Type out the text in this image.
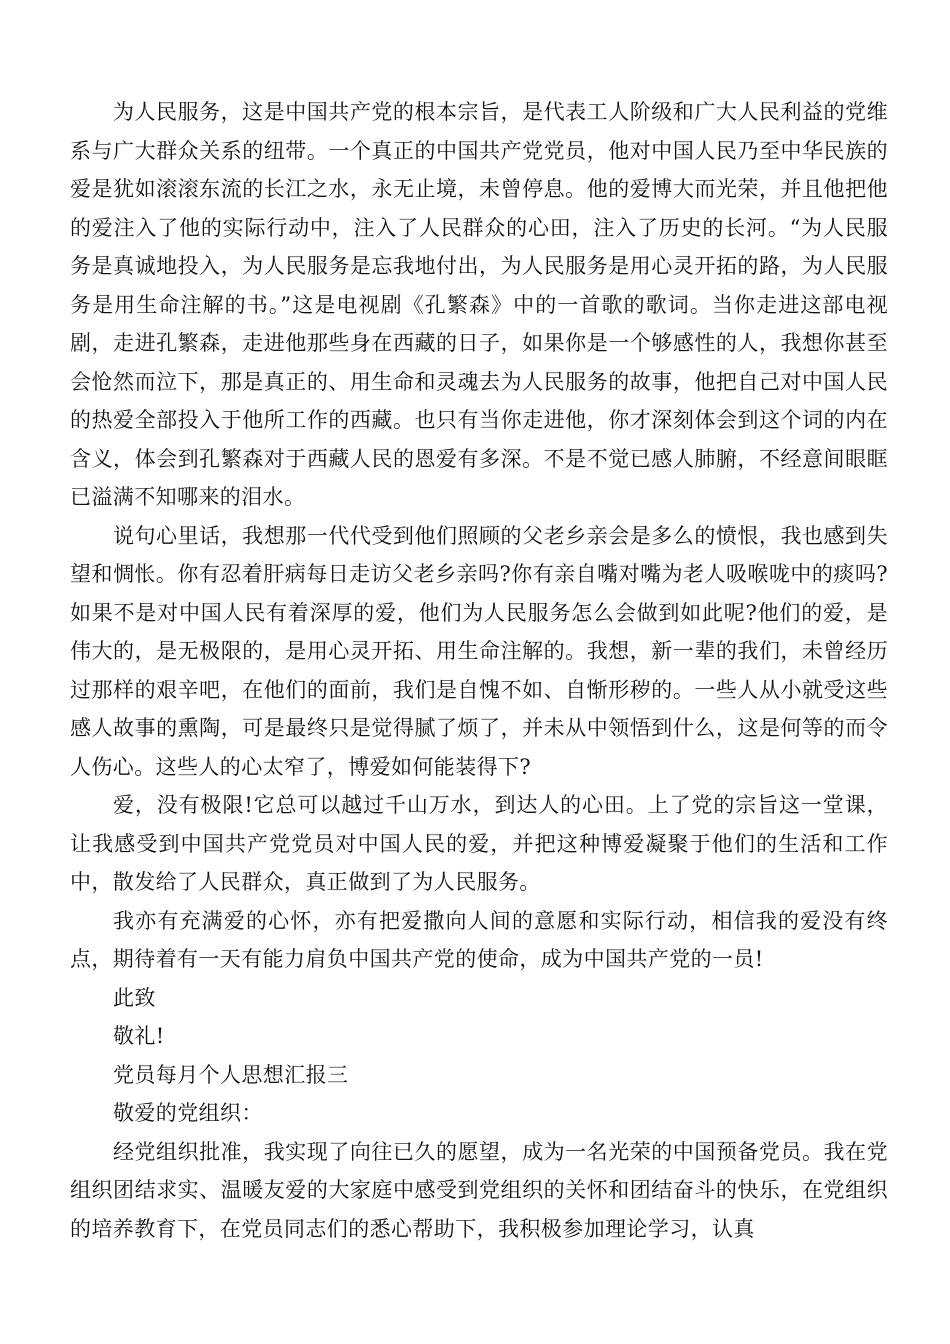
为人民服务，这是中国共产党的根本宗旨，是代表工人阶级和广大人民利益的党维系与广大群众关系的纽带。一个真正的中国共产党党员，他对中国人民乃至中华民族的爱是犹如滚滚东流的长江之水，永无止境，未曾停息。他的爱博大而光荣，并且他把他的爱注入了他的实际行动中，注入了人民群众的心田，注入了历史的长河。“为人民服务是真诚地投入，为人民服务是忘我地付出，为人民服务是用心灵开拓的路，为人民服务是用生命注解的书。”这是电视剧《孔繁森》中的一首歌的歌词。当你走进这部电视剧，走进孔繁森，走进他那些身在西藏的日子，如果你是一个够感性的人，我想你甚至会怆然而泣下，那是真正的、用生命和灵魂去为人民服务的故事，他把自己对中国人民的热爱全部投入于他所工作的西藏。也只有当你走进他，你才深刻体会到这个词的内在含义，体会到孔繁森对于西藏人民的恩爱有多深。不是不觉已感人肺腑，不经意间眼眶已溢满不知哪来的泪水。

说句心里话，我想那一代代受到他们照顾的父老乡亲会是多么的愤恨，我也感到失望和惆怅。你有忍着肝病每日走访父老乡亲吗?你有亲自嘴对嘴为老人吸喉咙中的痰吗?如果不是对中国人民有着深厚的爱，他们为人民服务怎么会做到如此呢?他们的爱，是伟大的，是无极限的，是用心灵开拓、用生命注解的。我想，新一辈的我们，未曾经历过那样的艰辛吧，在他们的面前，我们是自愧不如、自惭形秽的。一些人从小就受这些感人故事的熏陶，可是最终只是觉得腻了烦了，并未从中领悟到什么，这是何等的而令人伤心。这些人的心太窄了，博爱如何能装得下?

爱，没有极限!它总可以越过千山万水，到达人的心田。上了党的宗旨这一堂课，让我感受到中国共产党党员对中国人民的爱，并把这种博爱凝聚于他们的生活和工作中，散发给了人民群众，真正做到了为人民服务。

我亦有充满爱的心怀，亦有把爱撒向人间的意愿和实际行动，相信我的爱没有终点，期待着有一天有能力肩负中国共产党的使命，成为中国共产党的一员!

此致

敬礼!

党员每月个人思想汇报三

敬爱的党组织：

经党组织批准，我实现了向往已久的愿望，成为一名光荣的中国预备党员。我在党组织团结求实、温暖友爱的大家庭中感受到党组织的关怀和团结奋斗的快乐，在党组织的培养教育下，在党员同志们的悉心帮助下，我积极参加理论学习，认真
